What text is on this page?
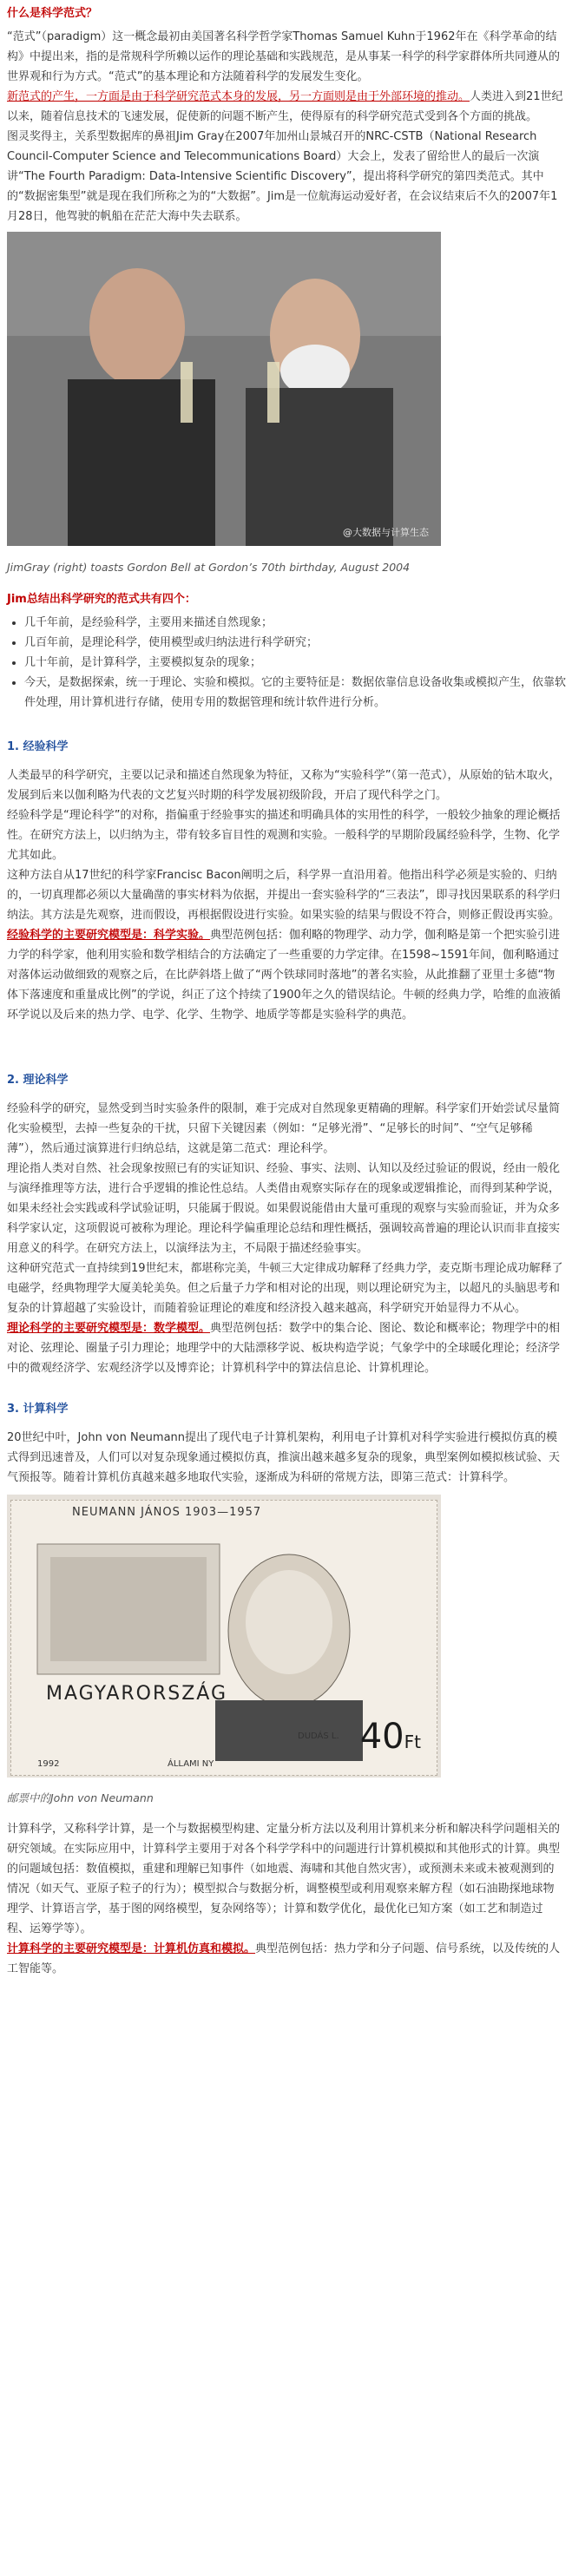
什么是科学范式？

“范式”（paradigm）这一概念最初由美国著名科学哲学家Thomas Samuel Kuhn于1962年在《科学革命的结构》中提出来，指的是常规科学所赖以运作的理论基础和实践规范，是从事某一科学的科学家群体所共同遵从的世界观和行为方式。“范式”的基本理论和方法随着科学的发展发生变化。

新范式的产生，一方面是由于科学研究范式本身的发展，另一方面则是由于外部环境的推动。人类进入到21世纪以来，随着信息技术的飞速发展，促使新的问题不断产生，使得原有的科学研究范式受到各个方面的挑战。

图灵奖得主，关系型数据库的鼻祖Jim Gray在2007年加州山景城召开的NRC-CSTB（National Research Council-Computer Science and Telecommunications Board）大会上，发表了留给世人的最后一次演讲“The Fourth Paradigm: Data-Intensive Scientific Discovery”，提出将科学研究的第四类范式。其中的“数据密集型”就是现在我们所称之为的“大数据”。Jim是一位航海运动爱好者，在会议结束后不久的2007年1月28日，他驾驶的帆船在茫茫大海中失去联系。

@大数据与计算生态

JimGray (right) toasts Gordon Bell at Gordon’s 70th birthday, August 2004

Jim总结出科学研究的范式共有四个：

• 几千年前，是经验科学，主要用来描述自然现象；
• 几百年前，是理论科学，使用模型或归纳法进行科学研究；
• 几十年前，是计算科学，主要模拟复杂的现象；
• 今天，是数据探索，统一于理论、实验和模拟。它的主要特征是：数据依靠信息设备收集或模拟产生，依靠软件处理，用计算机进行存储，使用专用的数据管理和统计软件进行分析。

1. 经验科学

人类最早的科学研究，主要以记录和描述自然现象为特征，又称为“实验科学”（第一范式），从原始的钻木取火，发展到后来以伽利略为代表的文艺复兴时期的科学发展初级阶段，开启了现代科学之门。

经验科学是“理论科学”的对称，指偏重于经验事实的描述和明确具体的实用性的科学，一般较少抽象的理论概括性。在研究方法上，以归纳为主，带有较多盲目性的观测和实验。一般科学的早期阶段属经验科学，生物、化学尤其如此。

这种方法自从17世纪的科学家Francisc Bacon阐明之后，科学界一直沿用着。他指出科学必须是实验的、归纳的，一切真理都必须以大量确凿的事实材料为依据，并提出一套实验科学的“三表法”，即寻找因果联系的科学归纳法。其方法是先观察，进而假设，再根据假设进行实验。如果实验的结果与假设不符合，则修正假设再实验。

经验科学的主要研究模型是：科学实验。典型范例包括：伽利略的物理学、动力学，伽利略是第一个把实验引进力学的科学家，他利用实验和数学相结合的方法确定了一些重要的力学定律。在1598~1591年间，伽利略通过对落体运动做细致的观察之后，在比萨斜塔上做了“两个铁球同时落地”的著名实验，从此推翻了亚里士多德“物体下落速度和重量成比例”的学说，纠正了这个持续了1900年之久的错误结论。牛顿的经典力学，哈维的血液循环学说以及后来的热力学、电学、化学、生物学、地质学等都是实验科学的典范。

2. 理论科学

经验科学的研究，显然受到当时实验条件的限制，难于完成对自然现象更精确的理解。科学家们开始尝试尽量简化实验模型，去掉一些复杂的干扰，只留下关键因素（例如：“足够光滑”、“足够长的时间”、“空气足够稀薄”），然后通过演算进行归纳总结，这就是第二范式：理论科学。

理论指人类对自然、社会现象按照已有的实证知识、经验、事实、法则、认知以及经过验证的假说，经由一般化与演绎推理等方法，进行合乎逻辑的推论性总结。人类借由观察实际存在的现象或逻辑推论，而得到某种学说，如果未经社会实践或科学试验证明，只能属于假说。如果假说能借由大量可重现的观察与实验而验证，并为众多科学家认定，这项假说可被称为理论。理论科学偏重理论总结和理性概括，强调较高普遍的理论认识而非直接实用意义的科学。在研究方法上，以演绎法为主，不局限于描述经验事实。

这种研究范式一直持续到19世纪末，都堪称完美，牛顿三大定律成功解释了经典力学，麦克斯韦理论成功解释了电磁学，经典物理学大厦美轮美奂。但之后量子力学和相对论的出现，则以理论研究为主，以超凡的头脑思考和复杂的计算超越了实验设计，而随着验证理论的难度和经济投入越来越高，科学研究开始显得力不从心。

理论科学的主要研究模型是：数学模型。典型范例包括：数学中的集合论、图论、数论和概率论；物理学中的相对论、弦理论、圈量子引力理论；地理学中的大陆漂移学说、板块构造学说；气象学中的全球暖化理论；经济学中的微观经济学、宏观经济学以及博弈论；计算机科学中的算法信息论、计算机理论。

3. 计算科学

20世纪中叶，John von Neumann提出了现代电子计算机架构，利用电子计算机对科学实验进行模拟仿真的模式得到迅速普及，人们可以对复杂现象通过模拟仿真，推演出越来越多复杂的现象，典型案例如模拟核试验、天气预报等。随着计算机仿真越来越多地取代实验，逐渐成为科研的常规方法，即第三范式：计算科学。

NEUMANN JÁNOS 1903—1957
MAGYARORSZÁG
40Ft
1992	ÁLLAMI NY
DUDÁS L.

邮票中的John von Neumann

计算科学，又称科学计算，是一个与数据模型构建、定量分析方法以及利用计算机来分析和解决科学问题相关的研究领域。在实际应用中，计算科学主要用于对各个科学学科中的问题进行计算机模拟和其他形式的计算。典型的问题域包括：数值模拟，重建和理解已知事件（如地震、海啸和其他自然灾害），或预测未来或未被观测到的情况（如天气、亚原子粒子的行为）；模型拟合与数据分析，调整模型或利用观察来解方程（如石油勘探地球物理学、计算语言学，基于图的网络模型，复杂网络等）；计算和数学优化，最优化已知方案（如工艺和制造过程、运筹学等）。

计算科学的主要研究模型是：计算机仿真和模拟。典型范例包括：热力学和分子问题、信号系统，以及传统的人工智能等。
